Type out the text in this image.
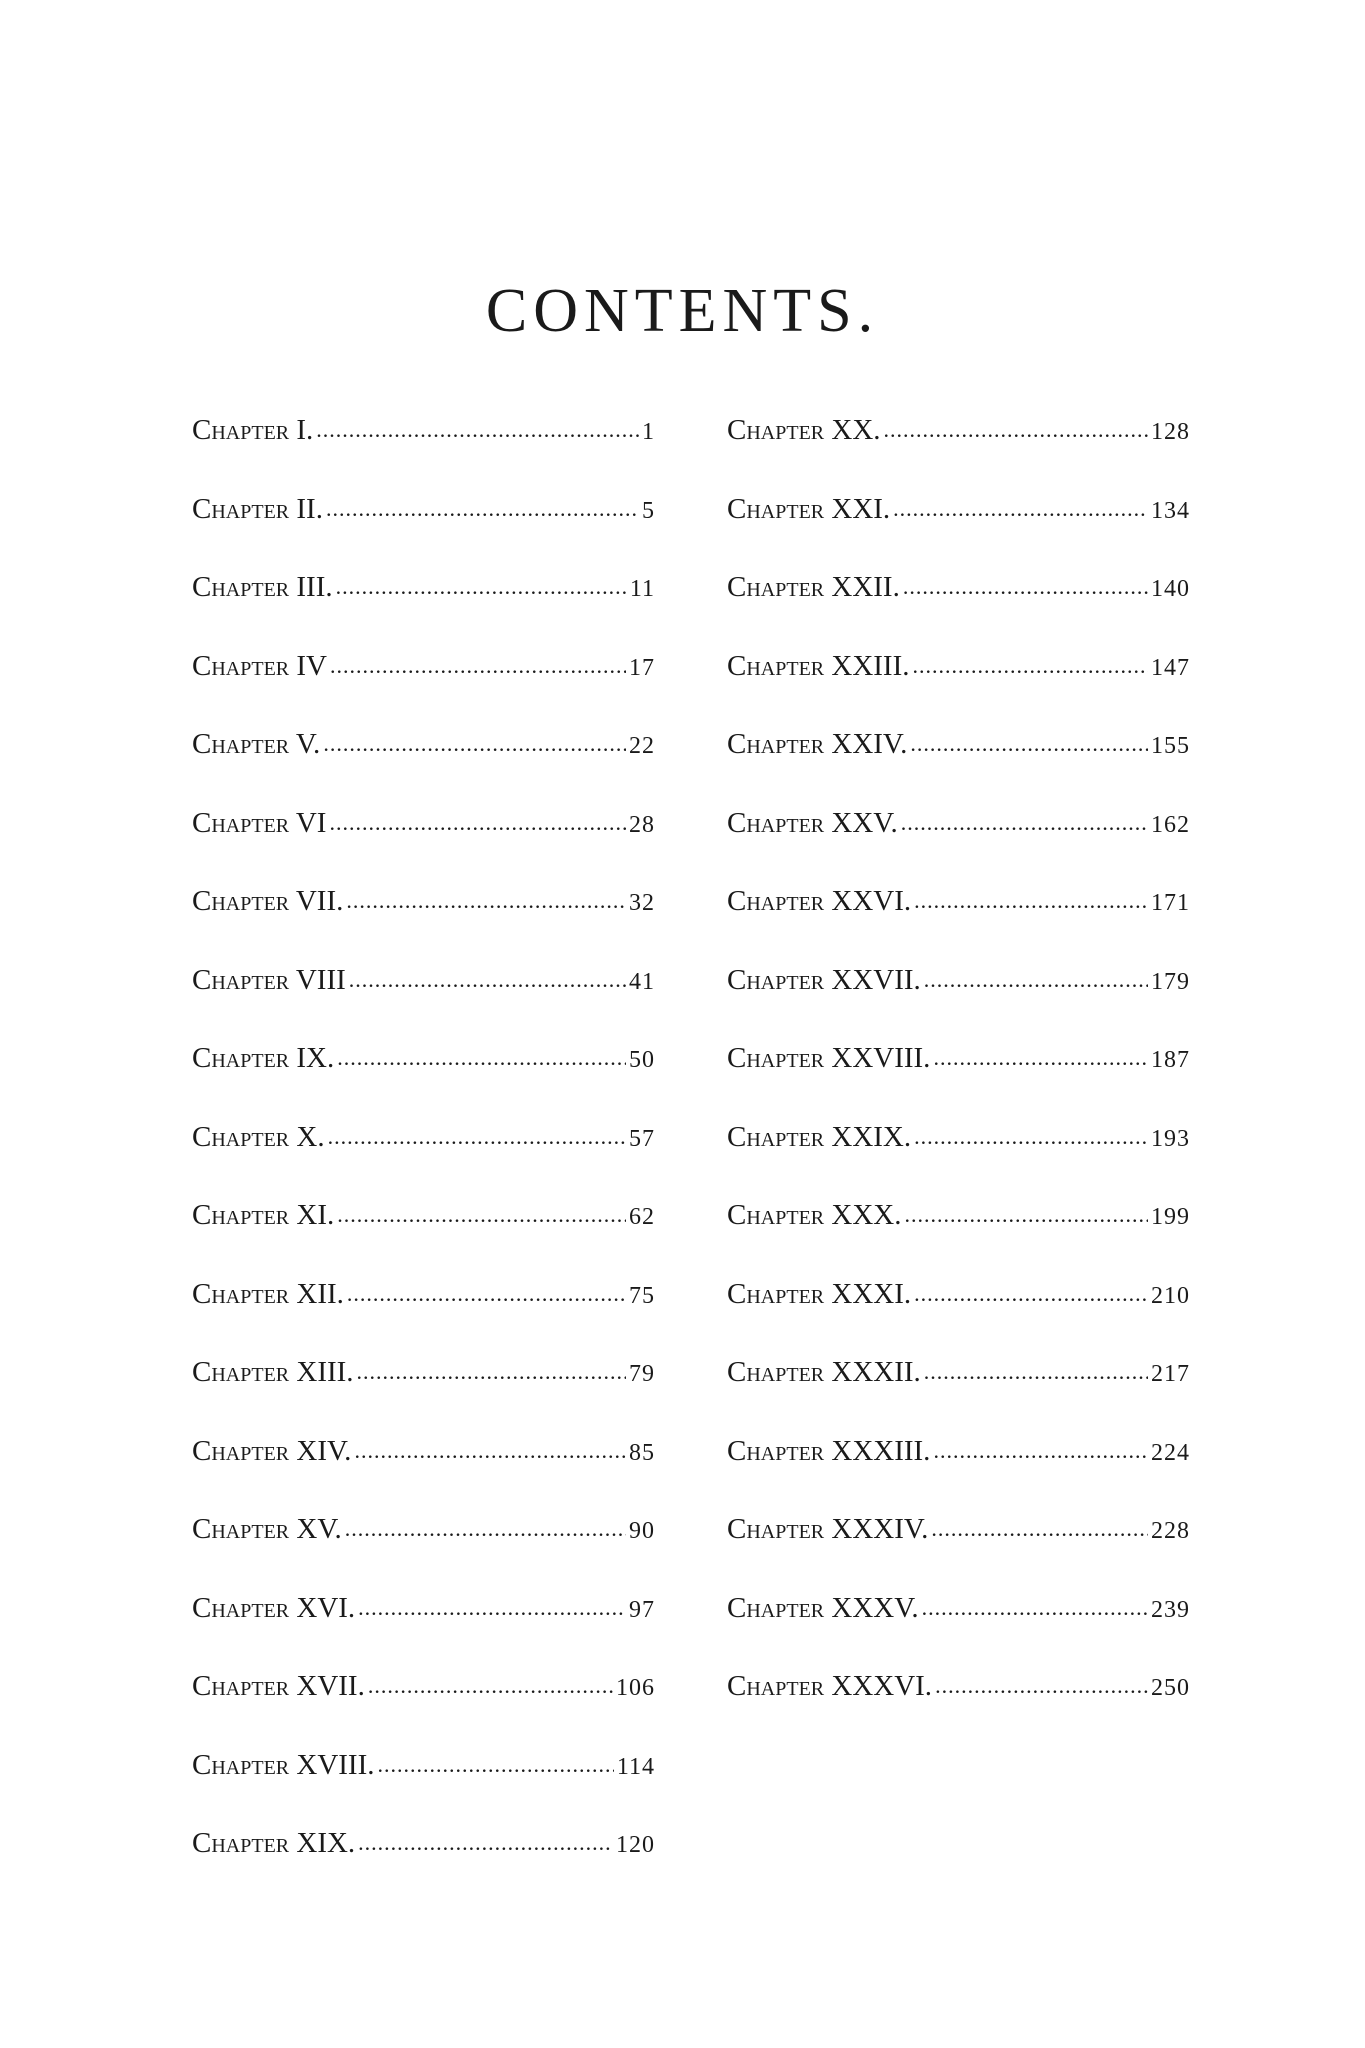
CONTENTS.
Chapter I. .....	1
Chapter II. .....	5
Chapter III. .....	11
Chapter IV .....	17
Chapter V. .....	22
Chapter VI .....	28
Chapter VII. .....	32
Chapter VIII .....	41
Chapter IX. .....	50
Chapter X. .....	57
Chapter XI. .....	62
Chapter XII. .....	75
Chapter XIII. .....	79
Chapter XIV. .....	85
Chapter XV. .....	90
Chapter XVI. .....	97
Chapter XVII. .....	106
Chapter XVIII. .....	114
Chapter XIX. .....	120
Chapter XX. .....	128
Chapter XXI. .....	134
Chapter XXII. .....	140
Chapter XXIII. .....	147
Chapter XXIV. .....	155
Chapter XXV. .....	162
Chapter XXVI. .....	171
Chapter XXVII. .....	179
Chapter XXVIII. .....	187
Chapter XXIX. .....	193
Chapter XXX. .....	199
Chapter XXXI. .....	210
Chapter XXXII. .....	217
Chapter XXXIII. .....	224
Chapter XXXIV. .....	228
Chapter XXXV. .....	239
Chapter XXXVI. .....	250
